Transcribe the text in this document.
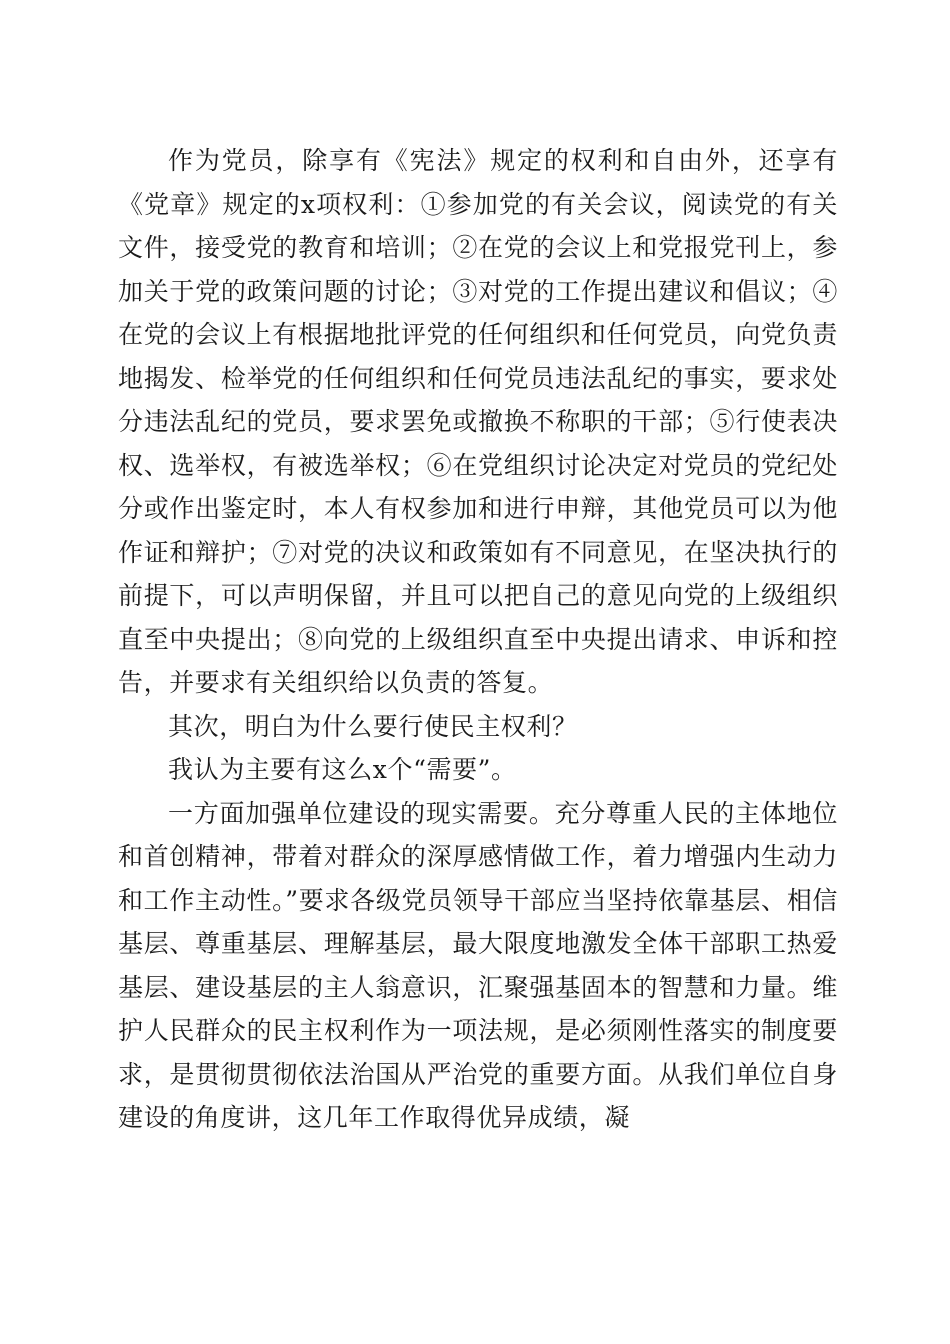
作为党员，除享有《宪法》规定的权利和自由外，还享有《党章》规定的x项权利：①参加党的有关会议，阅读党的有关文件，接受党的教育和培训；②在党的会议上和党报党刊上，参加关于党的政策问题的讨论；③对党的工作提出建议和倡议；④在党的会议上有根据地批评党的任何组织和任何党员，向党负责地揭发、检举党的任何组织和任何党员违法乱纪的事实，要求处分违法乱纪的党员，要求罢免或撤换不称职的干部；⑤行使表决权、选举权，有被选举权；⑥在党组织讨论决定对党员的党纪处分或作出鉴定时，本人有权参加和进行申辩，其他党员可以为他作证和辩护；⑦对党的决议和政策如有不同意见，在坚决执行的前提下，可以声明保留，并且可以把自己的意见向党的上级组织直至中央提出；⑧向党的上级组织直至中央提出请求、申诉和控告，并要求有关组织给以负责的答复。

其次，明白为什么要行使民主权利？

我认为主要有这么x个“需要”。

一方面加强单位建设的现实需要。充分尊重人民的主体地位和首创精神，带着对群众的深厚感情做工作，着力增强内生动力和工作主动性。”要求各级党员领导干部应当坚持依靠基层、相信基层、尊重基层、理解基层，最大限度地激发全体干部职工热爱基层、建设基层的主人翁意识，汇聚强基固本的智慧和力量。维护人民群众的民主权利作为一项法规，是必须刚性落实的制度要求，是贯彻贯彻依法治国从严治党的重要方面。从我们单位自身建设的角度讲，这几年工作取得优异成绩，凝
